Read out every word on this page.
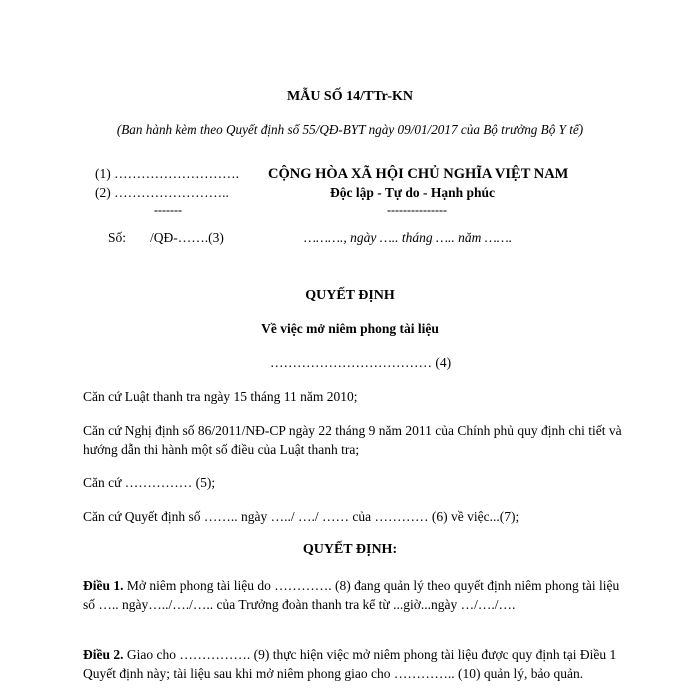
MẪU SỐ 14/TTr-KN
(Ban hành kèm theo Quyết định số 55/QĐ-BYT ngày 09/01/2017 của Bộ trưởng Bộ Y tế)
(1) ……………………….
(2) ……………………..
-------
CỘNG HÒA XÃ HỘI CHỦ NGHĨA VIỆT NAM
Độc lập - Tự do - Hạnh phúc
---------------
Số: /QĐ-…….(3)	………., ngày ….. tháng ….. năm …….
QUYẾT ĐỊNH
Về việc mở niêm phong tài liệu
……………………………… (4)
Căn cứ Luật thanh tra ngày 15 tháng 11 năm 2010;
Căn cứ Nghị định số 86/2011/NĐ-CP ngày 22 tháng 9 năm 2011 của Chính phủ quy định chi tiết và hướng dẫn thi hành một số điều của Luật thanh tra;
Căn cứ …………… (5);
Căn cứ Quyết định số …….. ngày …../ …./ …… của ………… (6) về việc...(7);
QUYẾT ĐỊNH:
Điều 1. Mở niêm phong tài liệu do …………. (8) đang quản lý theo quyết định niêm phong tài liệu số ….. ngày…../…./….. của Trưởng đoàn thanh tra kể từ ...giờ...ngày …/…./….
Điều 2. Giao cho ……………. (9) thực hiện việc mở niêm phong tài liệu được quy định tại Điều 1 Quyết định này; tài liệu sau khi mở niêm phong giao cho ………….. (10) quản lý, bảo quản.
